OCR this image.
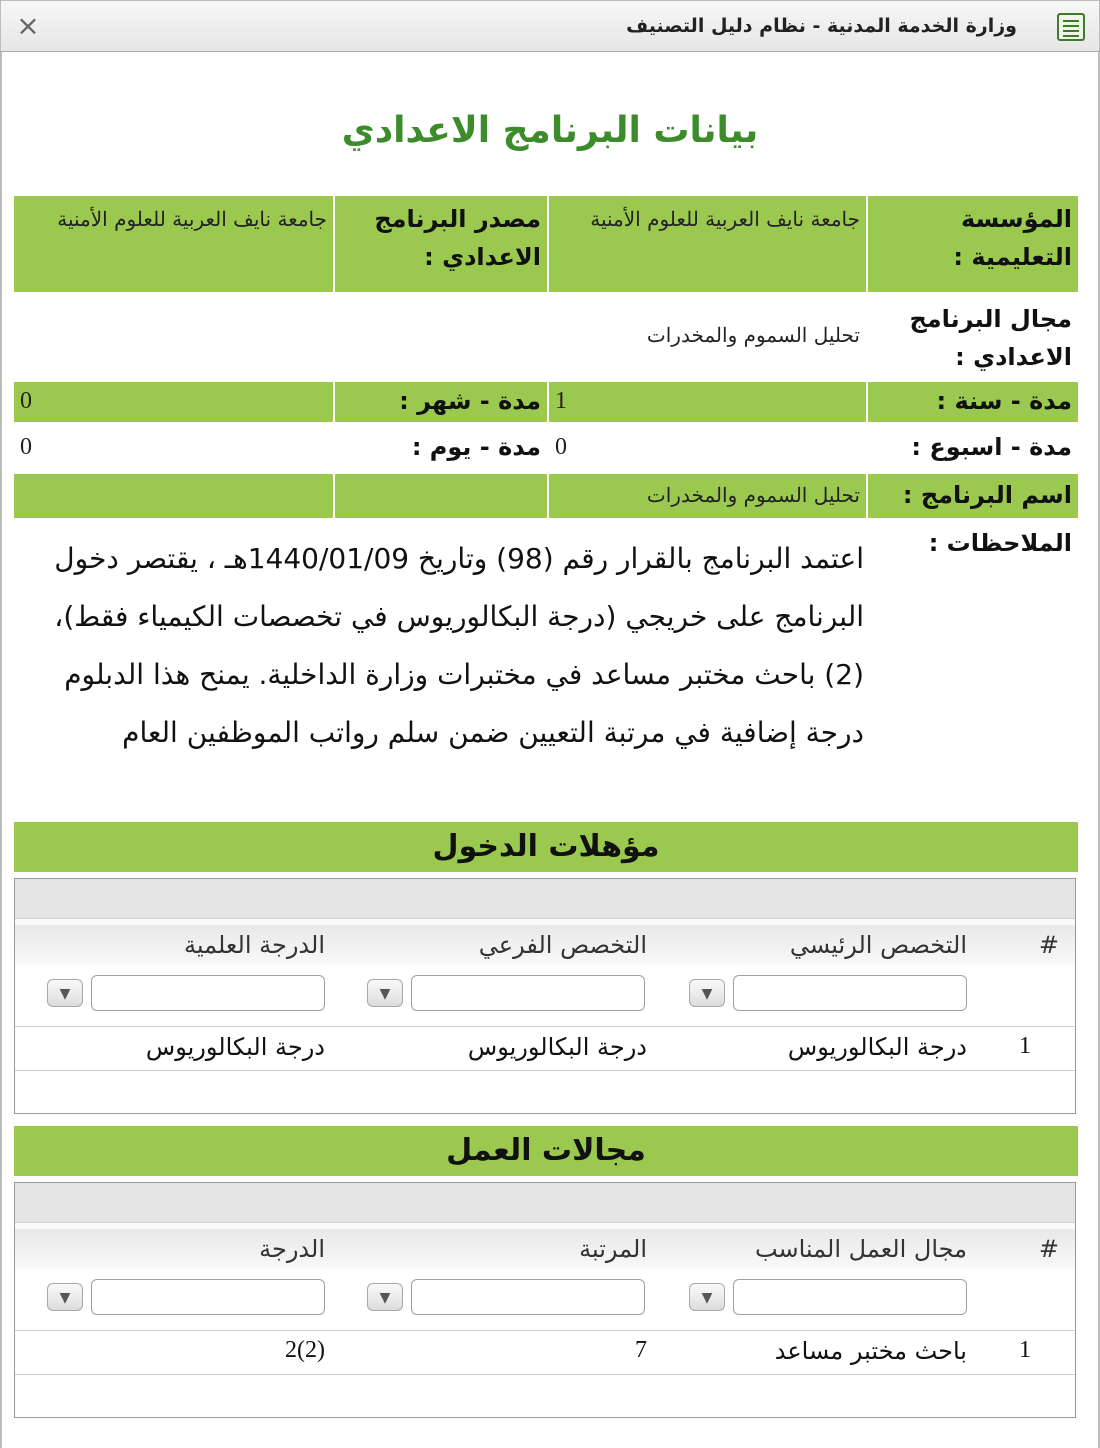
وزارة الخدمة المدنية - نظام دليل التصنيف
×
بيانات البرنامج الاعدادي
المؤسسة التعليمية :
جامعة نايف العربية للعلوم الأمنية
مصدر البرنامج الاعدادي :
جامعة نايف العربية للعلوم الأمنية
مجال البرنامج الاعدادي :
تحليل السموم والمخدرات
مدة - سنة :
1
مدة - شهر :
0
مدة - اسبوع :
0
مدة - يوم :
0
اسم البرنامج :
تحليل السموم والمخدرات
الملاحظات :
اعتمد البرنامج بالقرار رقم (98) وتاريخ 1440/01/09هـ ، يقتصر دخول البرنامج على خريجي (درجة البكالوريوس في تخصصات الكيمياء فقط)، (2) باحث مختبر مساعد في مختبرات وزارة الداخلية. يمنح هذا الدبلوم درجة إضافية في مرتبة التعيين ضمن سلم رواتب الموظفين العام
مؤهلات الدخول
#
التخصص الرئيسي
التخصص الفرعي
الدرجة العلمية
▼
▼
▼
1
درجة البكالوريوس
درجة البكالوريوس
درجة البكالوريوس
مجالات العمل
#
مجال العمل المناسب
المرتبة
الدرجة
▼
▼
▼
1
باحث مختبر مساعد
7
(2)2
